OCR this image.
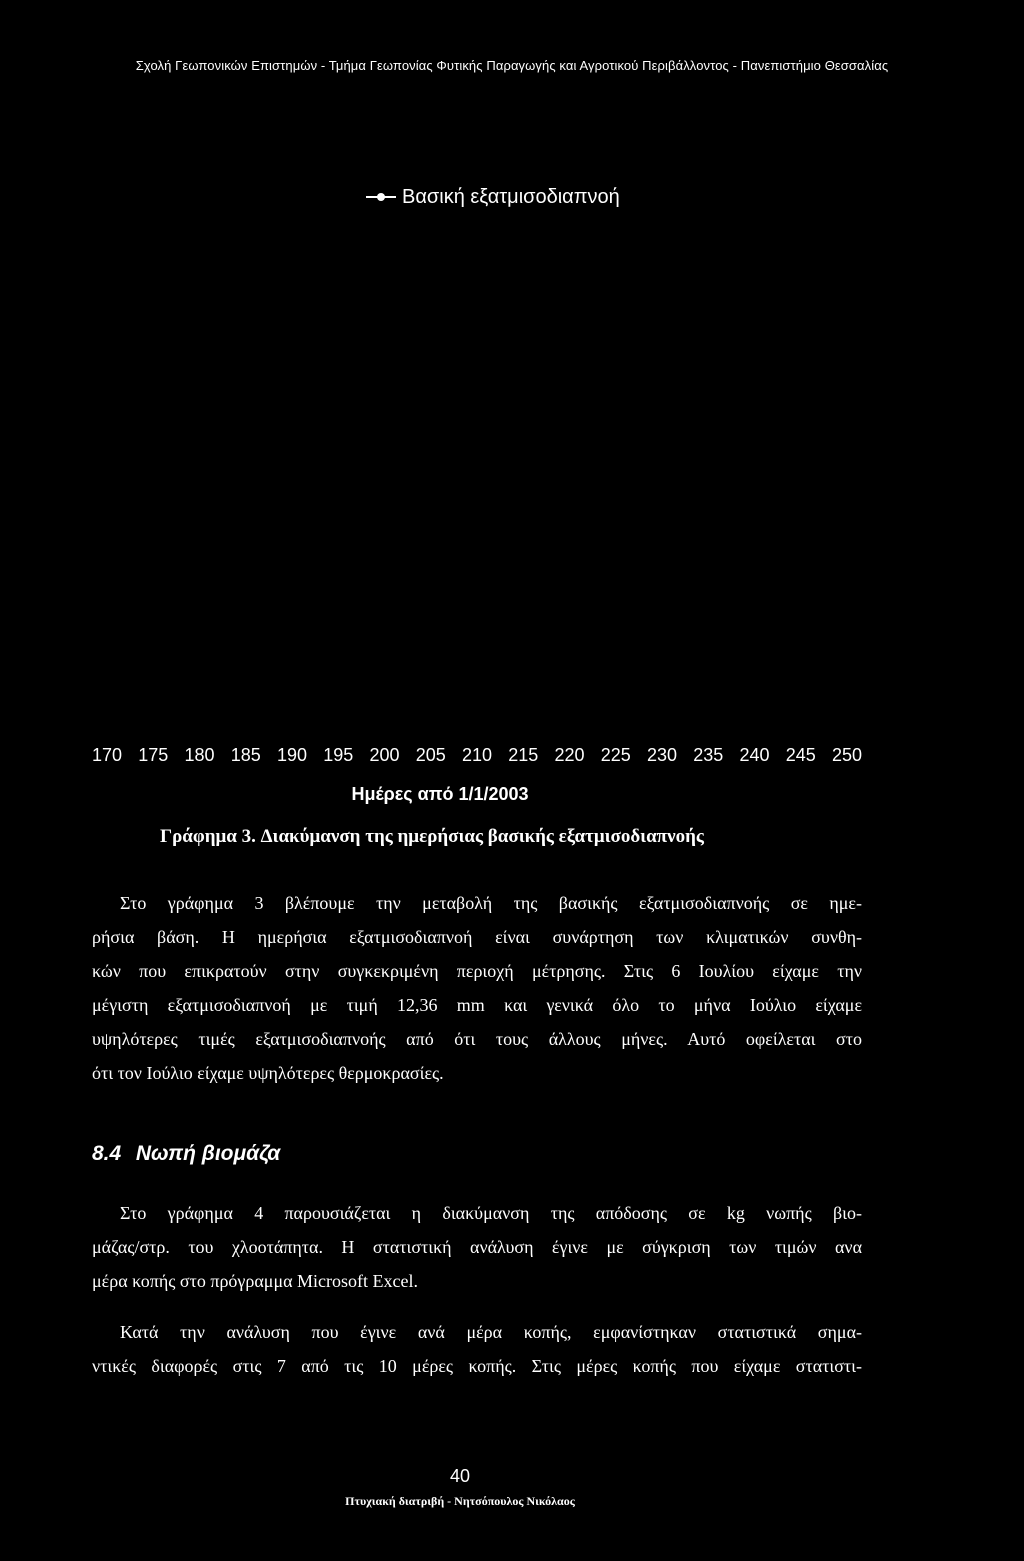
Σχολή Γεωπονικών Επιστημών - Τμήμα Γεωπονίας Φυτικής Παραγωγής και Αγροτικού Περιβάλλοντος - Πανεπιστήμιο Θεσσαλίας
Βασική εξατμισοδιαπνοή
170 175 180 185 190 195 200 205 210 215 220 225 230 235 240 245 250
Ημέρες από 1/1/2003
Γράφημα 3. Διακύμανση της ημερήσιας βασικής εξατμισοδιαπνοής
Στο γράφημα 3 βλέπουμε την μεταβολή της βασικής εξατμισοδιαπνοής σε ημε-
ρήσια βάση. Η ημερήσια εξατμισοδιαπνοή είναι συνάρτηση των κλιματικών συνθη-
κών που επικρατούν στην συγκεκριμένη περιοχή μέτρησης. Στις 6 Ιουλίου είχαμε την
μέγιστη εξατμισοδιαπνοή με τιμή 12,36 mm και γενικά όλο το μήνα Ιούλιο είχαμε
υψηλότερες τιμές εξατμισοδιαπνοής από ότι τους άλλους μήνες. Αυτό οφείλεται στο
ότι τον Ιούλιο είχαμε υψηλότερες θερμοκρασίες.
8.4 Νωπή βιομάζα
Στο γράφημα 4 παρουσιάζεται η διακύμανση της απόδοσης σε kg νωπής βιο-
μάζας/στρ. του χλοοτάπητα. Η στατιστική ανάλυση έγινε με σύγκριση των τιμών ανα
μέρα κοπής στο πρόγραμμα Microsoft Excel.
Κατά την ανάλυση που έγινε ανά μέρα κοπής, εμφανίστηκαν στατιστικά σημα-
ντικές διαφορές στις 7 από τις 10 μέρες κοπής. Στις μέρες κοπής που είχαμε στατιστι-
40
Πτυχιακή διατριβή - Νητσόπουλος Νικόλαος
